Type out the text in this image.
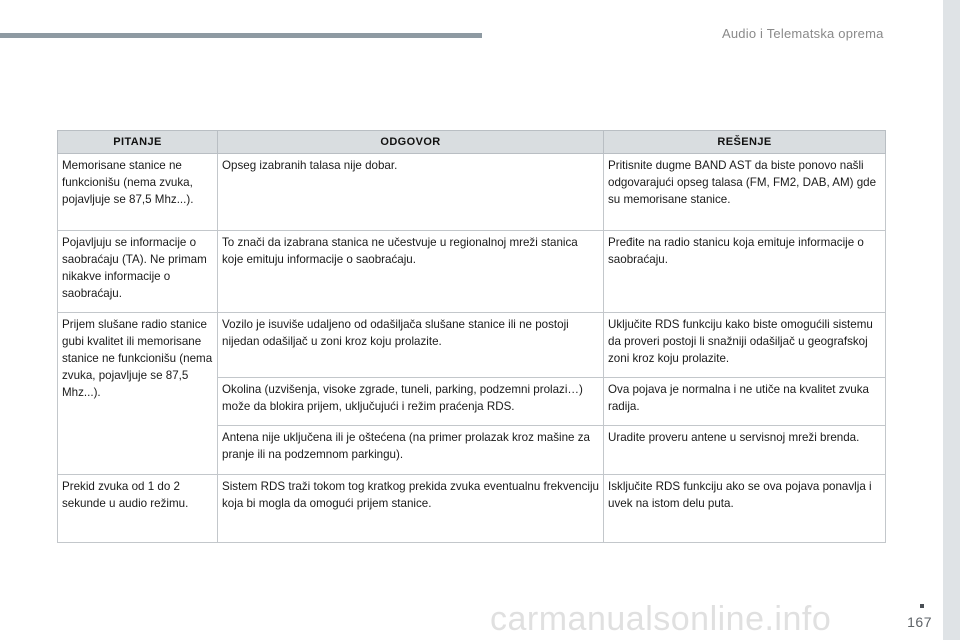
Audio i Telematska oprema
PITANJE	ODGOVOR	REŠENJE
Memorisane stanice ne funkcionišu (nema zvuka, pojavljuje se 87,5 Mhz...).	Opseg izabranih talasa nije dobar.	Pritisnite dugme BAND AST da biste ponovo našli odgovarajući opseg talasa (FM, FM2, DAB, AM) gde su memorisane stanice.
Pojavljuju se informacije o saobraćaju (TA). Ne primam nikakve informacije o saobraćaju.	To znači da izabrana stanica ne učestvuje u regionalnoj mreži stanica koje emituju informacije o saobraćaju.	Pređite na radio stanicu koja emituje informacije o saobraćaju.
Prijem slušane radio stanice gubi kvalitet ili memorisane stanice ne funkcionišu (nema zvuka, pojavljuje se 87,5 Mhz...).	Vozilo je isuviše udaljeno od odašiljača slušane stanice ili ne postoji nijedan odašiljač u zoni kroz koju prolazite.	Uključite RDS funkciju kako biste omogućili sistemu da proveri postoji li snažniji odašiljač u geografskoj zoni kroz koju prolazite.
	Okolina (uzvišenja, visoke zgrade, tuneli, parking, podzemni prolazi…) može da blokira prijem, uključujući i režim praćenja RDS.	Ova pojava je normalna i ne utiče na kvalitet zvuka radija.
	Antena nije uključena ili je oštećena (na primer prolazak kroz mašine za pranje ili na podzemnom parkingu).	Uradite proveru antene u servisnoj mreži brenda.
Prekid zvuka od 1 do 2 sekunde u audio režimu.	Sistem RDS traži tokom tog kratkog prekida zvuka eventualnu frekvenciju koja bi mogla da omogući prijem stanice.	Isključite RDS funkciju ako se ova pojava ponavlja i uvek na istom delu puta.
carmanualsonline.info	167
